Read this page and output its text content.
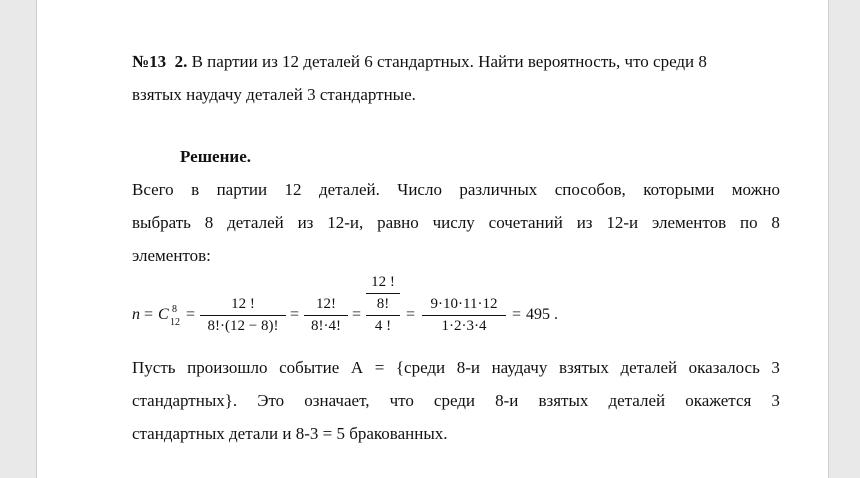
№13 2. В партии из 12 деталей 6 стандартных. Найти вероятность, что среди 8
взятых наудачу деталей 3 стандартные.
Решение.
Всего в партии 12 деталей. Число различных способов, которыми можно
выбрать 8 деталей из 12-и, равно числу сочетаний из 12-и элементов по 8
элементов:
n = C 8
12 =
12 !
8!·(12 − 8)!
=
12!
8!·4!
=
12 !
8!
4 !
=
9·10·11·12
1·2·3·4
= 495 .
Пусть произошло событие А = {среди 8-и наудачу взятых деталей оказалось 3
стандартных}. Это означает, что среди 8-и взятых деталей окажется 3
стандартных детали и 8-3 = 5 бракованных.
